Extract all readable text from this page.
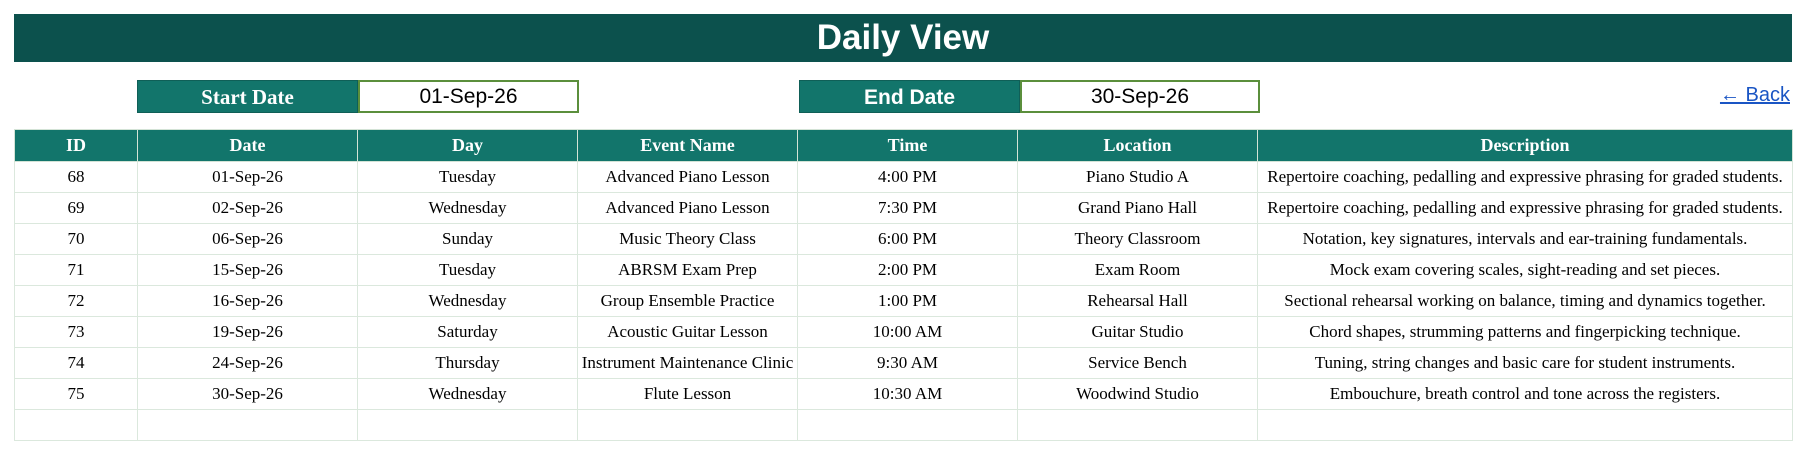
Daily View
Start Date	01-Sep-26	End Date	30-Sep-26	← Back
ID	Date	Day	Event Name	Time	Location	Description
68	01-Sep-26	Tuesday	Advanced Piano Lesson	4:00 PM	Piano Studio A	Repertoire coaching, pedalling and expressive phrasing for graded students.
69	02-Sep-26	Wednesday	Advanced Piano Lesson	7:30 PM	Grand Piano Hall	Repertoire coaching, pedalling and expressive phrasing for graded students.
70	06-Sep-26	Sunday	Music Theory Class	6:00 PM	Theory Classroom	Notation, key signatures, intervals and ear-training fundamentals.
71	15-Sep-26	Tuesday	ABRSM Exam Prep	2:00 PM	Exam Room	Mock exam covering scales, sight-reading and set pieces.
72	16-Sep-26	Wednesday	Group Ensemble Practice	1:00 PM	Rehearsal Hall	Sectional rehearsal working on balance, timing and dynamics together.
73	19-Sep-26	Saturday	Acoustic Guitar Lesson	10:00 AM	Guitar Studio	Chord shapes, strumming patterns and fingerpicking technique.
74	24-Sep-26	Thursday	Instrument Maintenance Clinic	9:30 AM	Service Bench	Tuning, string changes and basic care for student instruments.
75	30-Sep-26	Wednesday	Flute Lesson	10:30 AM	Woodwind Studio	Embouchure, breath control and tone across the registers.
